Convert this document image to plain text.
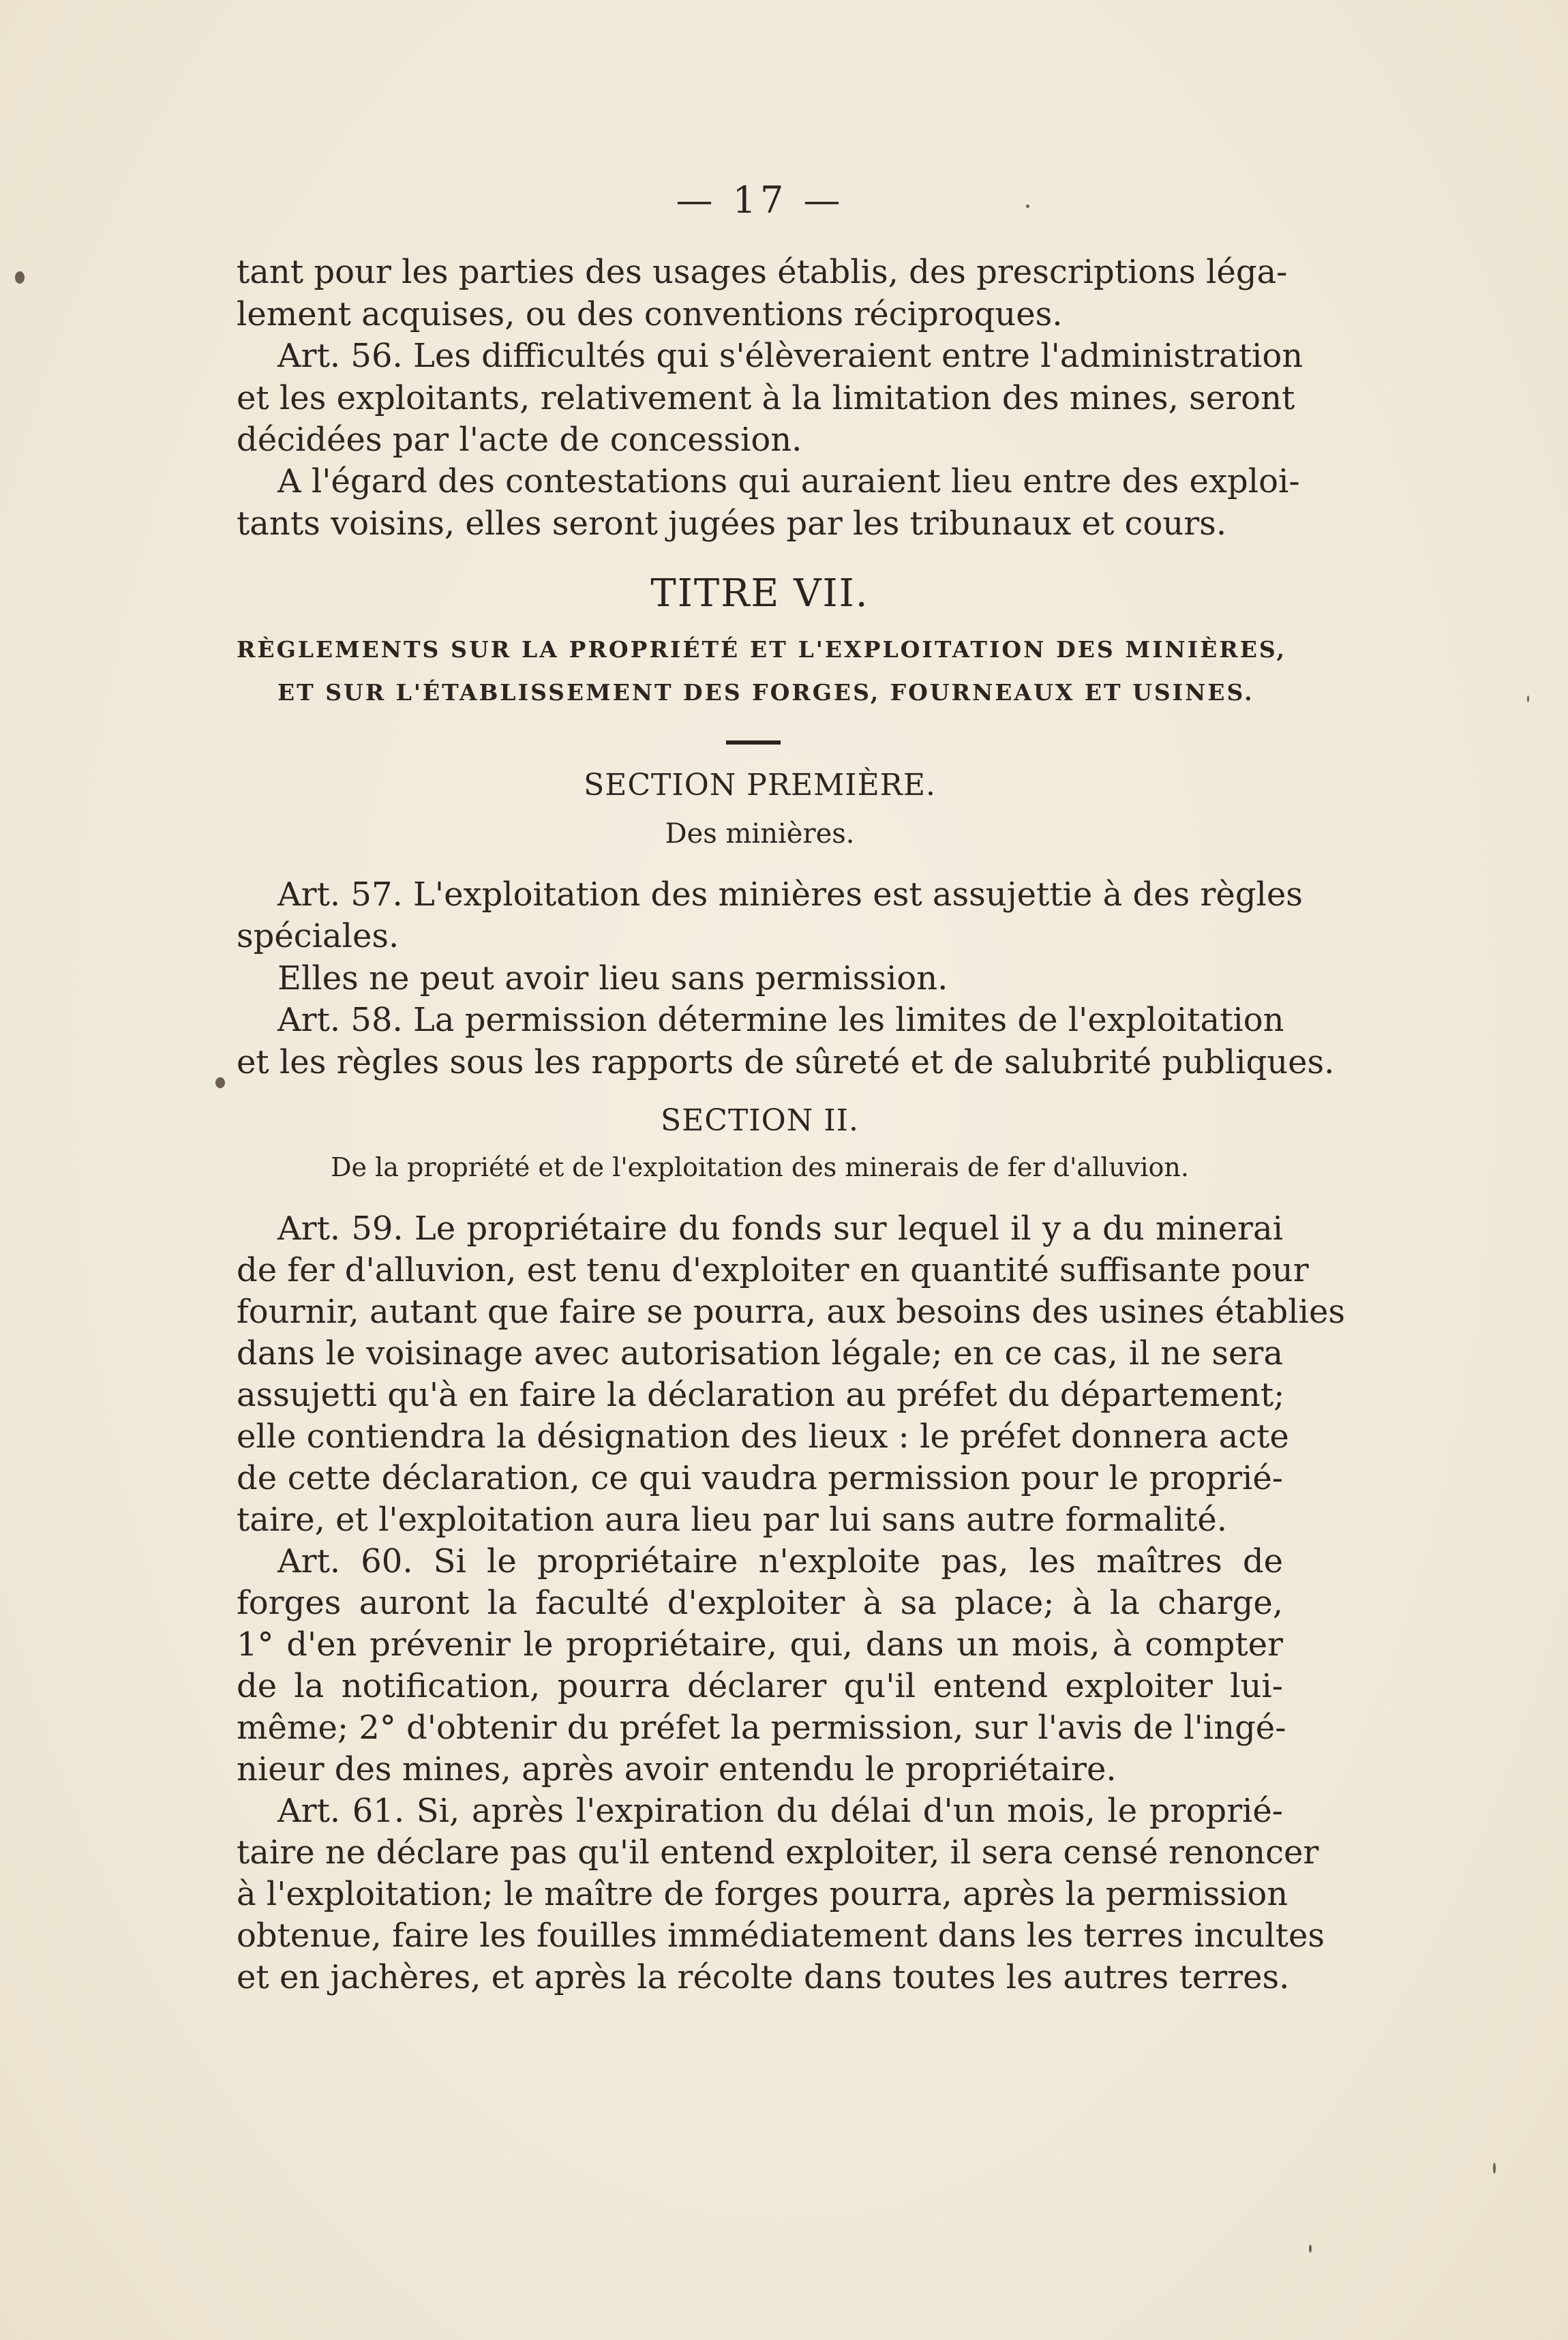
— 17 —
tant pour les parties des usages établis, des prescriptions léga-
lement acquises, ou des conventions réciproques.
Art. 56. Les difficultés qui s'élèveraient entre l'administration
et les exploitants, relativement à la limitation des mines, seront
décidées par l'acte de concession.
A l'égard des contestations qui auraient lieu entre des exploi-
tants voisins, elles seront jugées par les tribunaux et cours.
TITRE VII.
RÈGLEMENTS SUR LA PROPRIÉTÉ ET L'EXPLOITATION DES MINIÈRES,
ET SUR L'ÉTABLISSEMENT DES FORGES, FOURNEAUX ET USINES.
SECTION PREMIÈRE.
Des minières.
Art. 57. L'exploitation des minières est assujettie à des règles
spéciales.
Elles ne peut avoir lieu sans permission.
Art. 58. La permission détermine les limites de l'exploitation
et les règles sous les rapports de sûreté et de salubrité publiques.
SECTION II.
De la propriété et de l'exploitation des minerais de fer d'alluvion.
Art. 59. Le propriétaire du fonds sur lequel il y a du minerai
de fer d'alluvion, est tenu d'exploiter en quantité suffisante pour
fournir, autant que faire se pourra, aux besoins des usines établies
dans le voisinage avec autorisation légale; en ce cas, il ne sera
assujetti qu'à en faire la déclaration au préfet du département;
elle contiendra la désignation des lieux : le préfet donnera acte
de cette déclaration, ce qui vaudra permission pour le proprié-
taire, et l'exploitation aura lieu par lui sans autre formalité.
Art. 60. Si le propriétaire n'exploite pas, les maîtres de
forges auront la faculté d'exploiter à sa place; à la charge,
1° d'en prévenir le propriétaire, qui, dans un mois, à compter
de la notification, pourra déclarer qu'il entend exploiter lui-
même; 2° d'obtenir du préfet la permission, sur l'avis de l'ingé-
nieur des mines, après avoir entendu le propriétaire.
Art. 61. Si, après l'expiration du délai d'un mois, le proprié-
taire ne déclare pas qu'il entend exploiter, il sera censé renoncer
à l'exploitation; le maître de forges pourra, après la permission
obtenue, faire les fouilles immédiatement dans les terres incultes
et en jachères, et après la récolte dans toutes les autres terres.
